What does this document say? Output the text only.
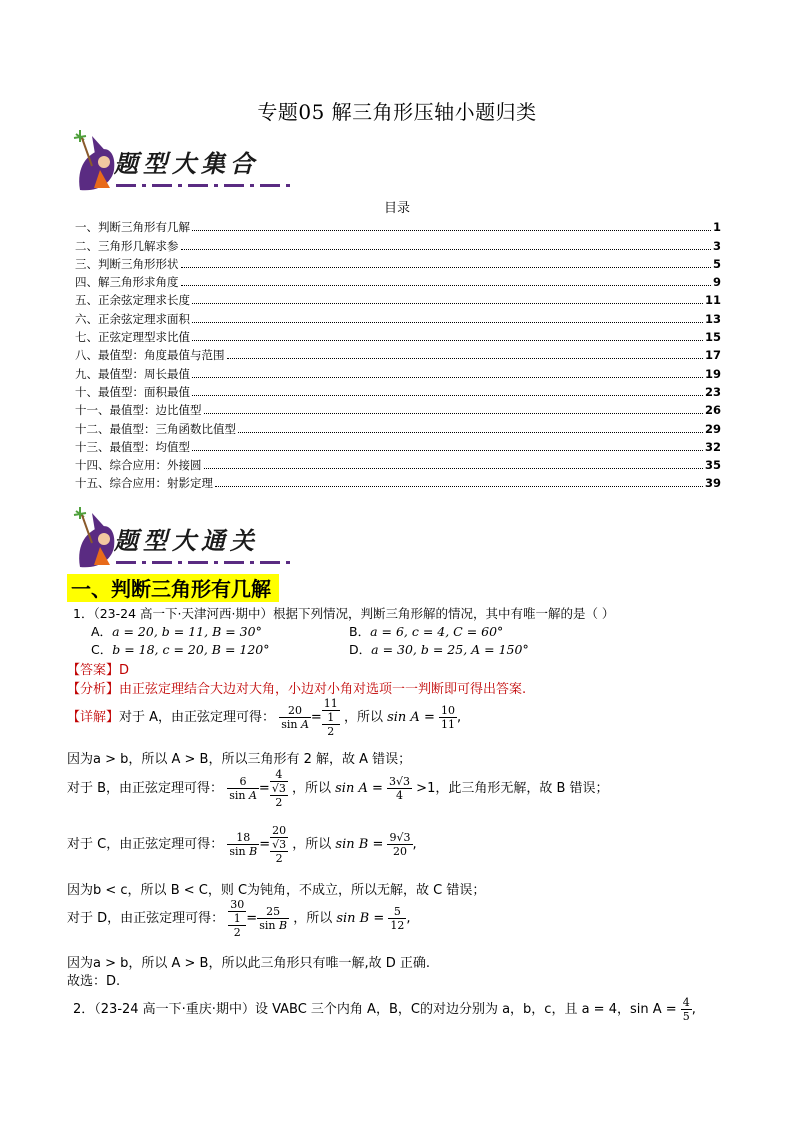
专题05 解三角形压轴小题归类
题型大集合
目录
一、判断三角形有几解	1
二、三角形几解求参	3
三、判断三角形形状	5
四、解三角形求角度	9
五、正余弦定理求长度	11
六、正余弦定理求面积	13
七、正弦定理型求比值	15
八、最值型：角度最值与范围	17
九、最值型：周长最值	19
十、最值型：面积最值	23
十一、最值型：边比值型	26
十二、最值型：三角函数比值型	29
十三、最值型：均值型	32
十四、综合应用：外接圆	35
十五、综合应用：射影定理	39
题型大通关
一、判断三角形有几解
1．（23-24 高一下·天津河西·期中）根据下列情况，判断三角形解的情况，其中有唯一解的是（ ）
A．a = 20, b = 11, B = 30°	B．a = 6, c = 4, C = 60°
C．b = 18, c = 20, B = 120°	D．a = 30, b = 25, A = 150°
【答案】D
【分析】由正弦定理结合大边对大角，小边对小角对选项一一判断即可得出答案.
【详解】对于 A，由正弦定理可得： $\frac{20}{\text{sin A}}$ =
11
1
2
，所以 $\sin A = \frac{10}{11}$ ,
因为a > b，所以 A > B，所以三角形有 2 解，故 A 错误；
对于 B，由正弦定理可得： $\frac{6}{\text{sin A}}$ =
4
√3
2
，所以 $\sin A = \frac{3√3}{4} >1$，此三角形无解，故 B 错误；
对于 C，由正弦定理可得： $\frac{18}{\text{sin B}}$ =
20
√3
2
，所以 $\sin B = \frac{9√3}{20}$ ,
因为b < c，所以 B < C，则 C为钝角，不成立，所以无解，故 C 错误；
对于 D，由正弦定理可得：
30
1
2
= $\frac{25}{\text{sin B}}$ ，所以 $\sin B = \frac{5}{12}$ ,
因为a > b，所以 A > B，所以此三角形只有唯一解,故 D 正确.
故选：D.
2．（23-24 高一下·重庆·期中）设 VABC 三个内角 A，B，C的对边分别为 a，b，c，且 a = 4，$\sin A = \frac{4}{5}$ ,
